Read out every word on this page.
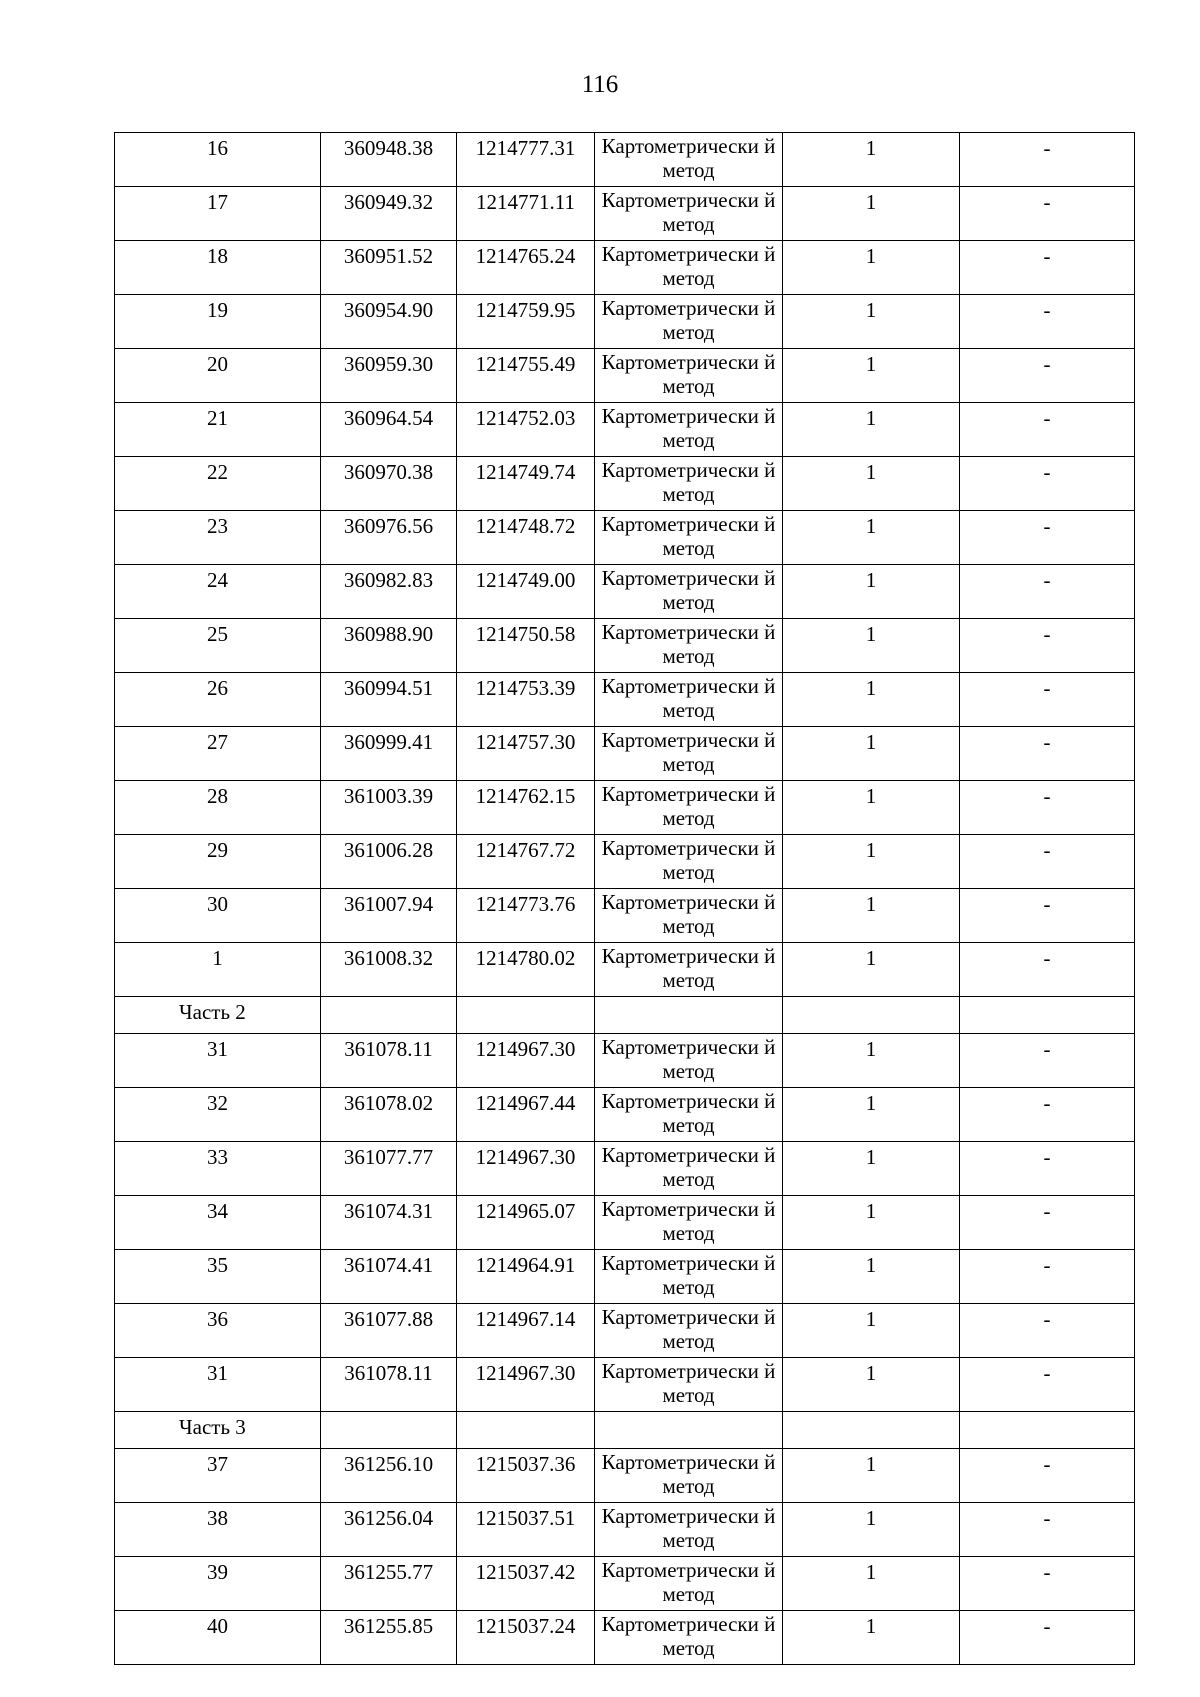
116
16	360948.38	1214777.31	Картометрически й метод	1	-
17	360949.32	1214771.11	Картометрически й метод	1	-
18	360951.52	1214765.24	Картометрически й метод	1	-
19	360954.90	1214759.95	Картометрически й метод	1	-
20	360959.30	1214755.49	Картометрически й метод	1	-
21	360964.54	1214752.03	Картометрически й метод	1	-
22	360970.38	1214749.74	Картометрически й метод	1	-
23	360976.56	1214748.72	Картометрически й метод	1	-
24	360982.83	1214749.00	Картометрически й метод	1	-
25	360988.90	1214750.58	Картометрически й метод	1	-
26	360994.51	1214753.39	Картометрически й метод	1	-
27	360999.41	1214757.30	Картометрически й метод	1	-
28	361003.39	1214762.15	Картометрически й метод	1	-
29	361006.28	1214767.72	Картометрически й метод	1	-
30	361007.94	1214773.76	Картометрически й метод	1	-
1	361008.32	1214780.02	Картометрически й метод	1	-
Часть 2					
31	361078.11	1214967.30	Картометрически й метод	1	-
32	361078.02	1214967.44	Картометрически й метод	1	-
33	361077.77	1214967.30	Картометрически й метод	1	-
34	361074.31	1214965.07	Картометрически й метод	1	-
35	361074.41	1214964.91	Картометрически й метод	1	-
36	361077.88	1214967.14	Картометрически й метод	1	-
31	361078.11	1214967.30	Картометрически й метод	1	-
Часть 3					
37	361256.10	1215037.36	Картометрически й метод	1	-
38	361256.04	1215037.51	Картометрически й метод	1	-
39	361255.77	1215037.42	Картометрически й метод	1	-
40	361255.85	1215037.24	Картометрически й метод	1	-
